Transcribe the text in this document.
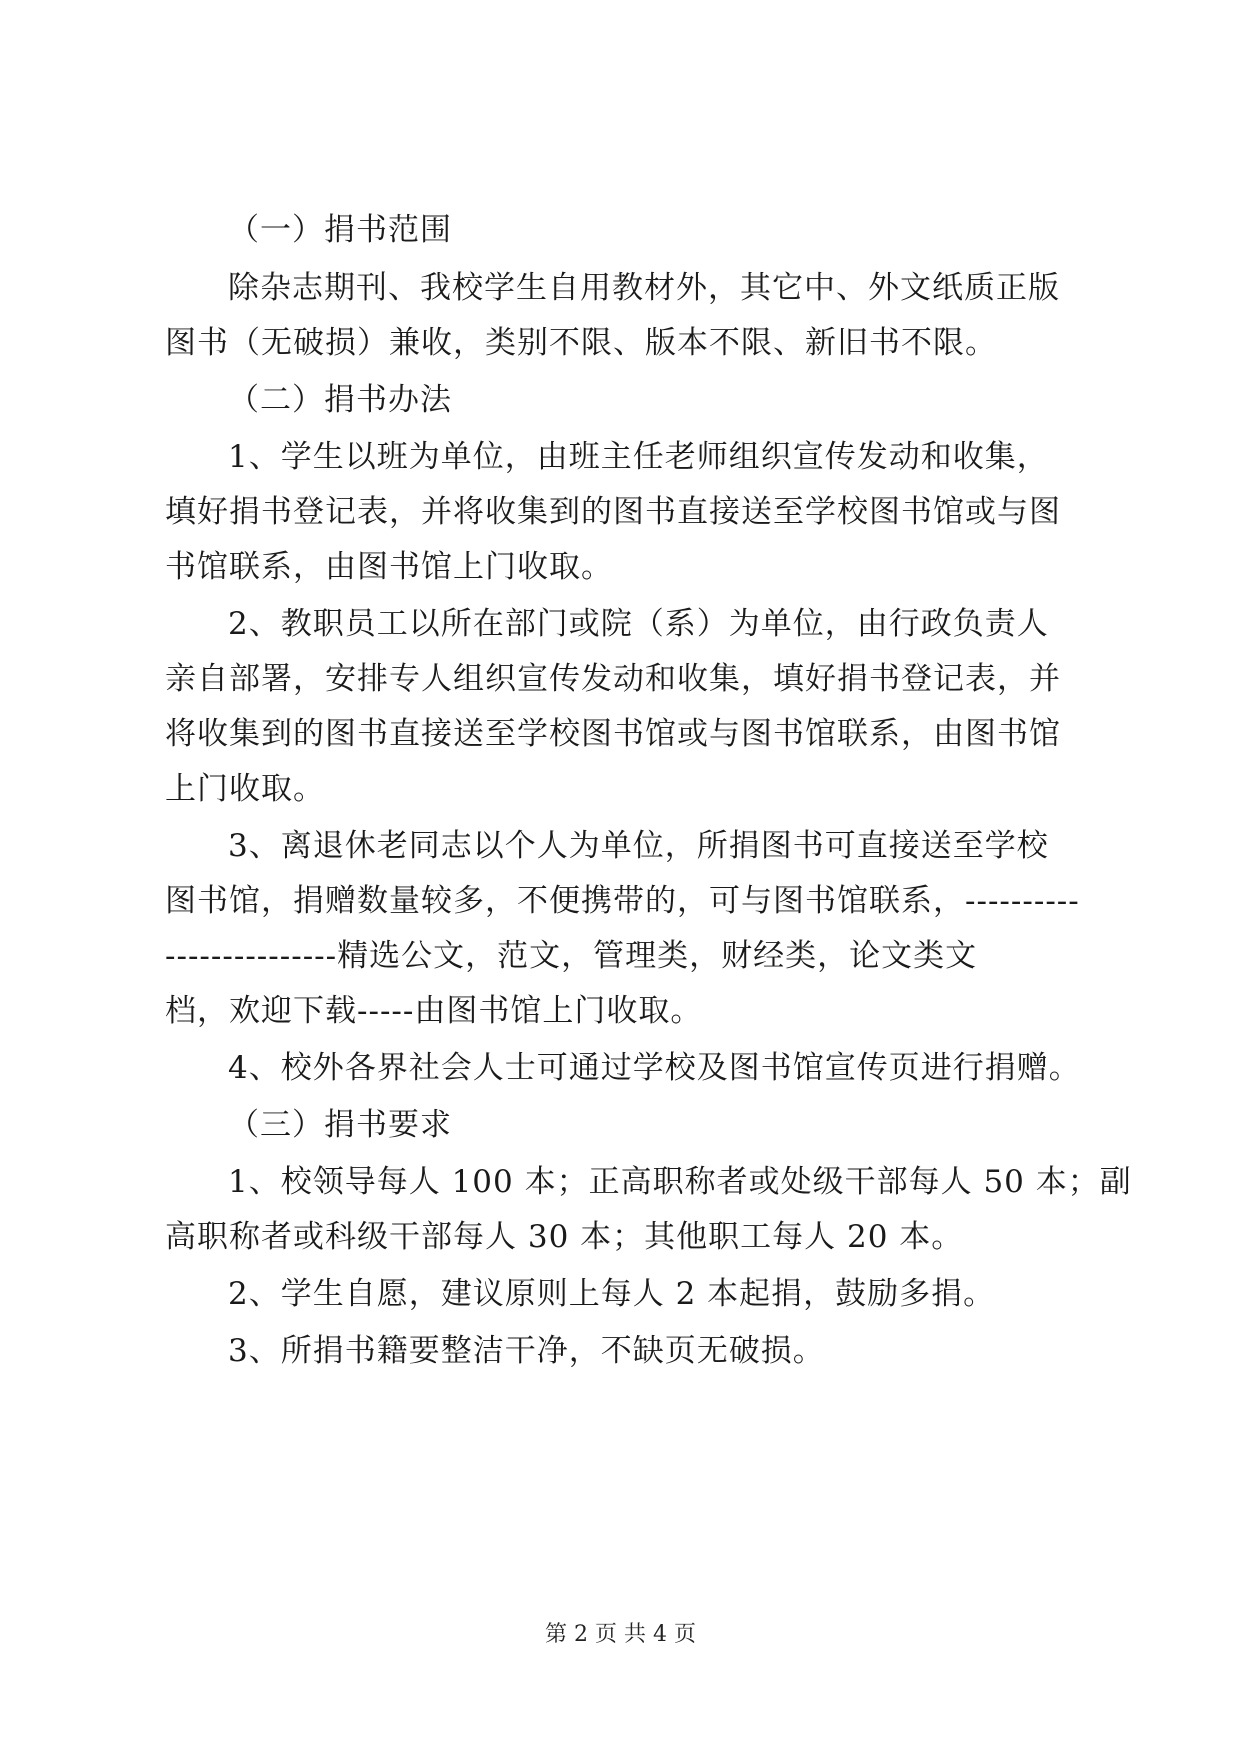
（一）捐书范围
除杂志期刊、我校学生自用教材外，其它中、外文纸质正版
图书（无破损）兼收，类别不限、版本不限、新旧书不限。
（二）捐书办法
1、学生以班为单位，由班主任老师组织宣传发动和收集，
填好捐书登记表，并将收集到的图书直接送至学校图书馆或与图
书馆联系，由图书馆上门收取。
2、教职员工以所在部门或院（系）为单位，由行政负责人
亲自部署，安排专人组织宣传发动和收集，填好捐书登记表，并
将收集到的图书直接送至学校图书馆或与图书馆联系，由图书馆
上门收取。
3、离退休老同志以个人为单位，所捐图书可直接送至学校
图书馆，捐赠数量较多，不便携带的，可与图书馆联系，----------
---------------精选公文，范文，管理类，财经类，论文类文
档，欢迎下载-----由图书馆上门收取。
4、校外各界社会人士可通过学校及图书馆宣传页进行捐赠。
（三）捐书要求
1、校领导每人 100 本；正高职称者或处级干部每人 50 本；副
高职称者或科级干部每人 30 本；其他职工每人 20 本。
2、学生自愿，建议原则上每人 2 本起捐，鼓励多捐。
3、所捐书籍要整洁干净，不缺页无破损。
第 2 页 共 4 页
